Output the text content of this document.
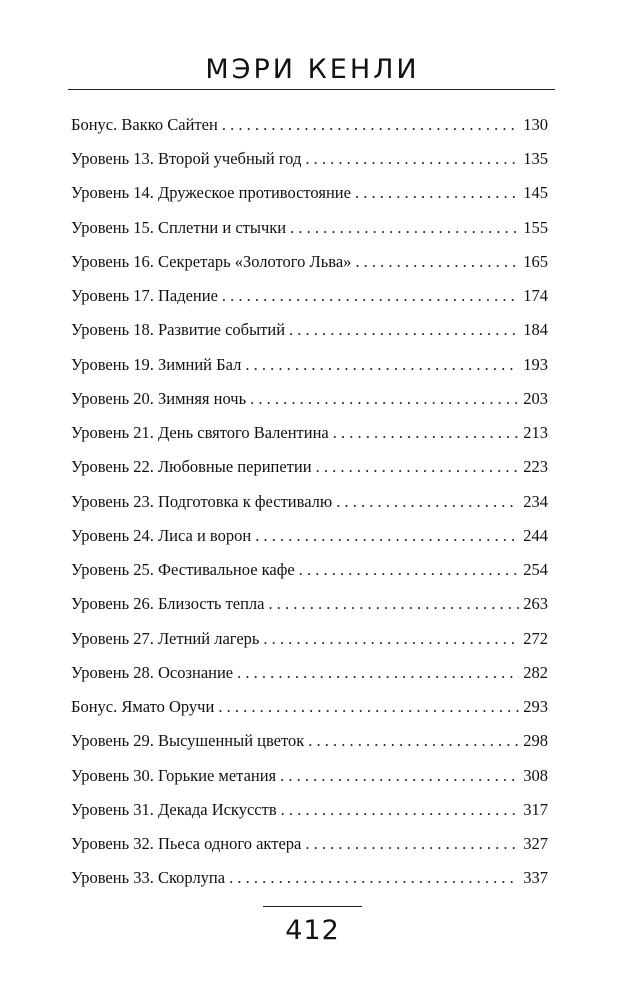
МЭРИ КЕНЛИ
Бонус. Вакко Сайтен . . .	130
Уровень 13. Второй учебный год . . .	135
Уровень 14. Дружеское противостояние . . .	145
Уровень 15. Сплетни и стычки . . .	155
Уровень 16. Секретарь «Золотого Льва» . . .	165
Уровень 17. Падение . . .	174
Уровень 18. Развитие событий . . .	184
Уровень 19. Зимний Бал . . .	193
Уровень 20. Зимняя ночь . . .	203
Уровень 21. День святого Валентина . . .	213
Уровень 22. Любовные перипетии . . .	223
Уровень 23. Подготовка к фестивалю . . .	234
Уровень 24. Лиса и ворон . . .	244
Уровень 25. Фестивальное кафе . . .	254
Уровень 26. Близость тепла . . .	263
Уровень 27. Летний лагерь . . .	272
Уровень 28. Осознание . . .	282
Бонус. Ямато Оручи . . .	293
Уровень 29. Высушенный цветок . . .	298
Уровень 30. Горькие метания . . .	308
Уровень 31. Декада Искусств . . .	317
Уровень 32. Пьеса одного актера . . .	327
Уровень 33. Скорлупа . . .	337
412
